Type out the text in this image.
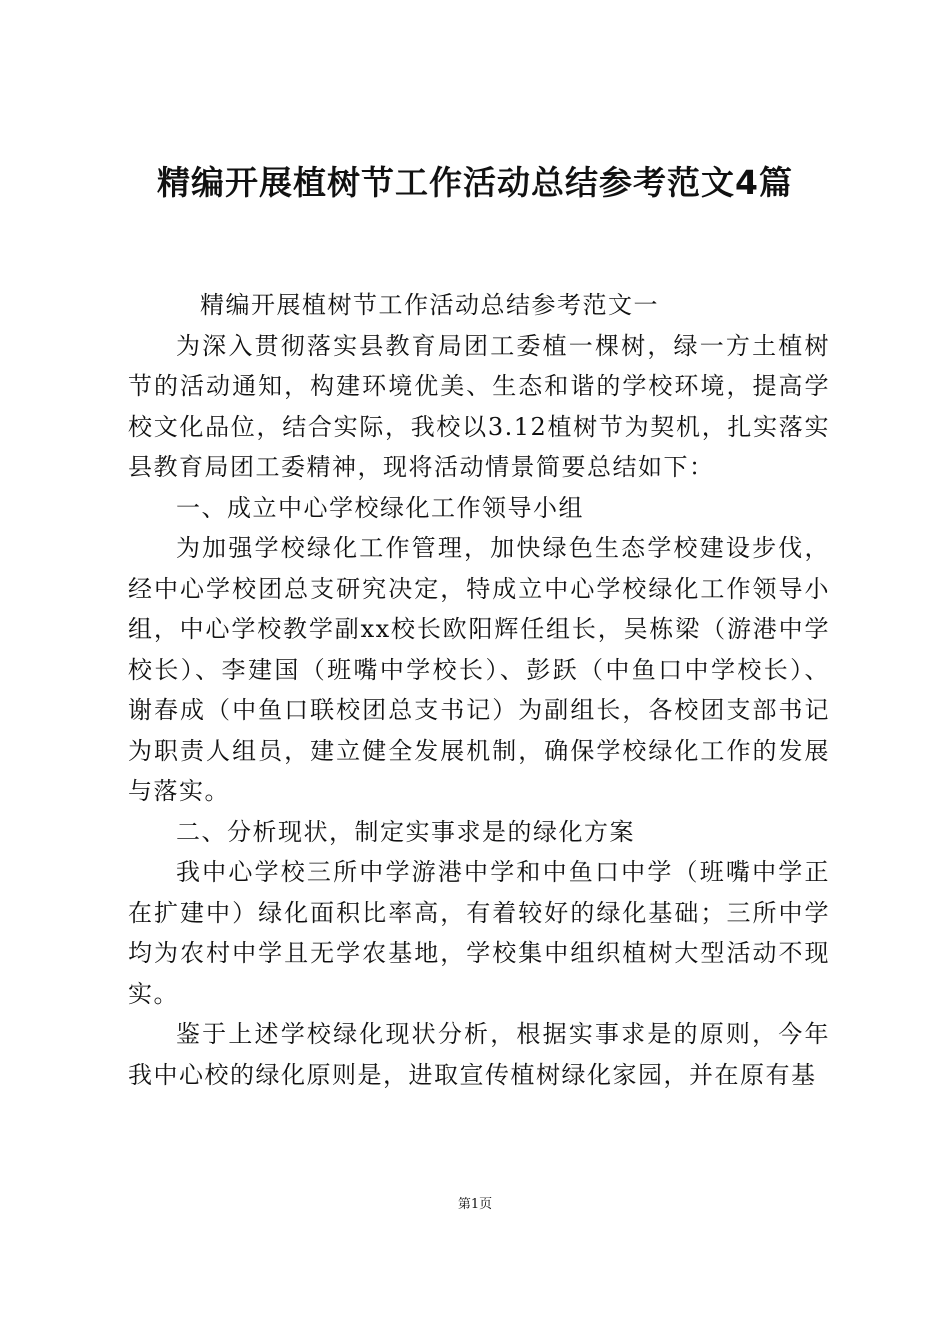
精编开展植树节工作活动总结参考范文4篇

精编开展植树节工作活动总结参考范文一

为深入贯彻落实县教育局团工委植一棵树，绿一方土植树节的活动通知，构建环境优美、生态和谐的学校环境，提高学校文化品位，结合实际，我校以3.12植树节为契机，扎实落实县教育局团工委精神，现将活动情景简要总结如下：

一、成立中心学校绿化工作领导小组

为加强学校绿化工作管理，加快绿色生态学校建设步伐，经中心学校团总支研究决定，特成立中心学校绿化工作领导小组，中心学校教学副xx校长欧阳辉任组长，吴栋梁（游港中学校长）、李建国（班嘴中学校长）、彭跃（中鱼口中学校长）、谢春成（中鱼口联校团总支书记）为副组长，各校团支部书记为职责人组员，建立健全发展机制，确保学校绿化工作的发展与落实。

二、分析现状，制定实事求是的绿化方案

我中心学校三所中学游港中学和中鱼口中学（班嘴中学正在扩建中）绿化面积比率高，有着较好的绿化基础；三所中学均为农村中学且无学农基地，学校集中组织植树大型活动不现实。

鉴于上述学校绿化现状分析，根据实事求是的原则，今年我中心校的绿化原则是，进取宣传植树绿化家园，并在原有基

第1页
